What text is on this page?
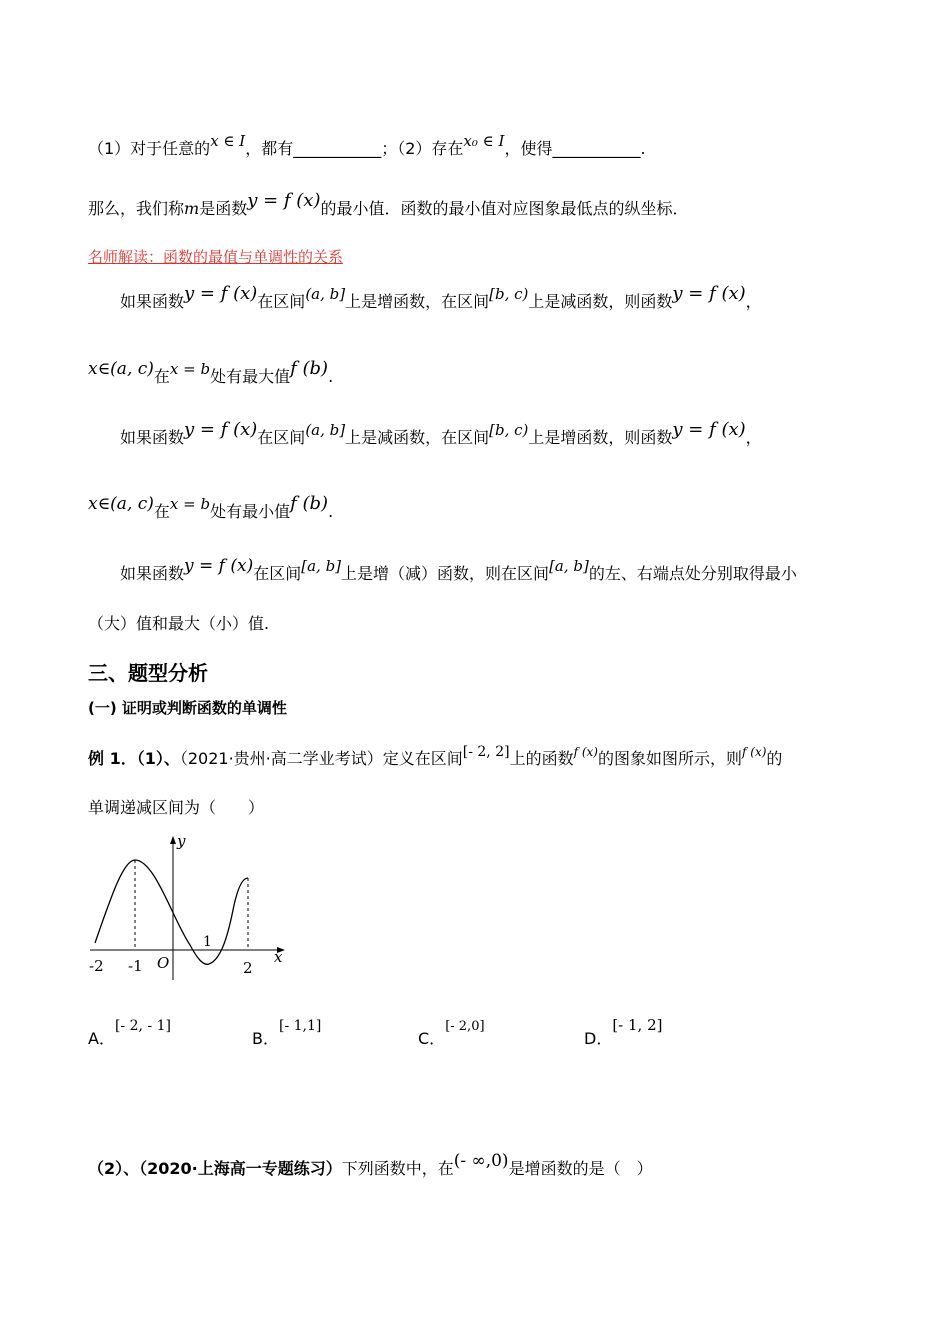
（1）对于任意的x ∈ I，都有___________；（2）存在x₀ ∈ I，使得___________.
那么，我们称m是函数y = f (x)的最小值．函数的最小值对应图象最低点的纵坐标．
名师解读：函数的最值与单调性的关系
如果函数y = f (x)在区间(a, b]上是增函数，在区间[b, c)上是减函数，则函数y = f (x)，
x∈(a, c)在x = b处有最大值f (b).
如果函数y = f (x)在区间(a, b]上是减函数，在区间[b, c)上是增函数，则函数y = f (x)，
x∈(a, c)在x = b处有最小值f (b).
如果函数y = f (x)在区间[a, b]上是增（减）函数，则在区间[a, b]的左、右端点处分别取得最小
（大）值和最大（小）值.
三、题型分析
(一) 证明或判断函数的单调性
例 1．（1）、（2021·贵州·高二学业考试）定义在区间[- 2, 2]上的函数$^{f (x)}$的图象如图所示，则$^{f (x)}$的
单调递减区间为（　　）
y
x
O
1
-2 -1	2
A．[- 2, - 1]
B．[- 1,1]
C．[- 2,0]
D．[- 1, 2]
（2）、（2020·上海高一专题练习）下列函数中，在(- ∞,0)是增函数的是（　）
